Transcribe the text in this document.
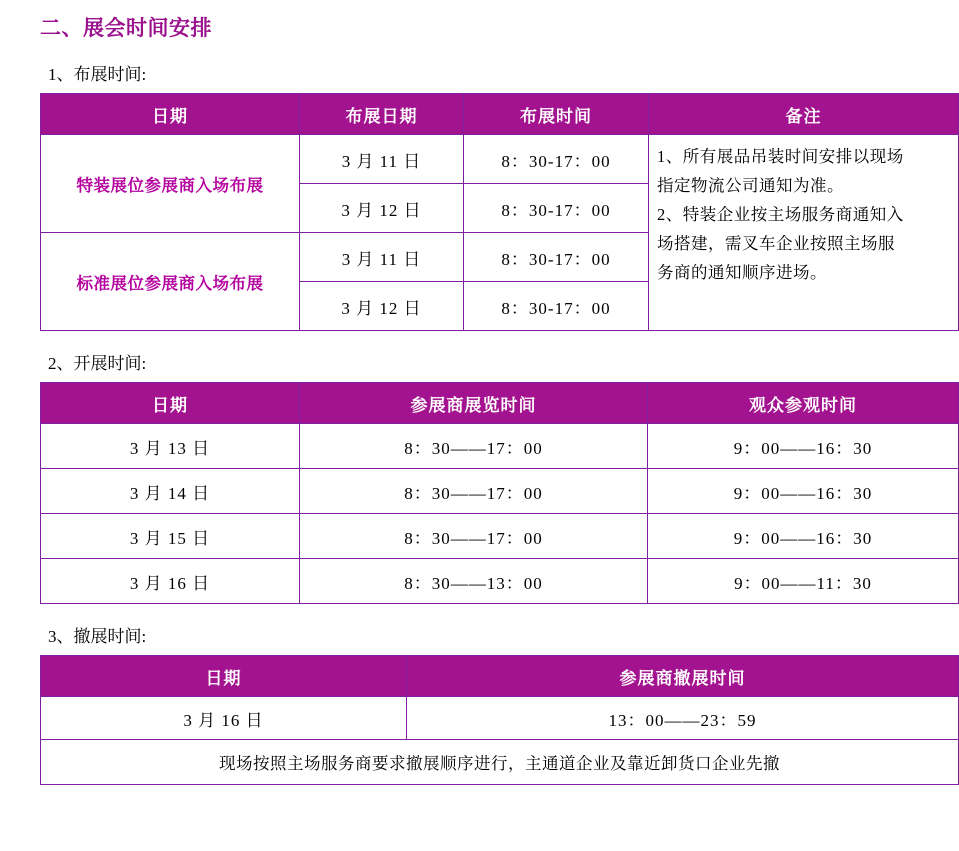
二、展会时间安排
1、布展时间:
日期	布展日期	布展时间	备注
特装展位参展商入场布展	3 月 11 日	8：30-17：00	1、所有展品吊装时间安排以现场
指定物流公司通知为准。
2、特装企业按主场服务商通知入
场搭建，需叉车企业按照主场服
务商的通知顺序进场。

	3 月 12 日	8：30-17：00	
标准展位参展商入场布展	3 月 11 日	8：30-17：00	
	3 月 12 日	8：30-17：00	
2、开展时间:
日期	参展商展览时间	观众参观时间
3 月 13 日	8：30——17：00	9：00——16：30
3 月 14 日	8：30——17：00	9：00——16：30
3 月 15 日	8：30——17：00	9：00——16：30
3 月 16 日	8：30——13：00	9：00——11：30
3、撤展时间:
日期	参展商撤展时间
3 月 16 日	13：00——23：59
现场按照主场服务商要求撤展顺序进行，主通道企业及靠近卸货口企业先撤	
